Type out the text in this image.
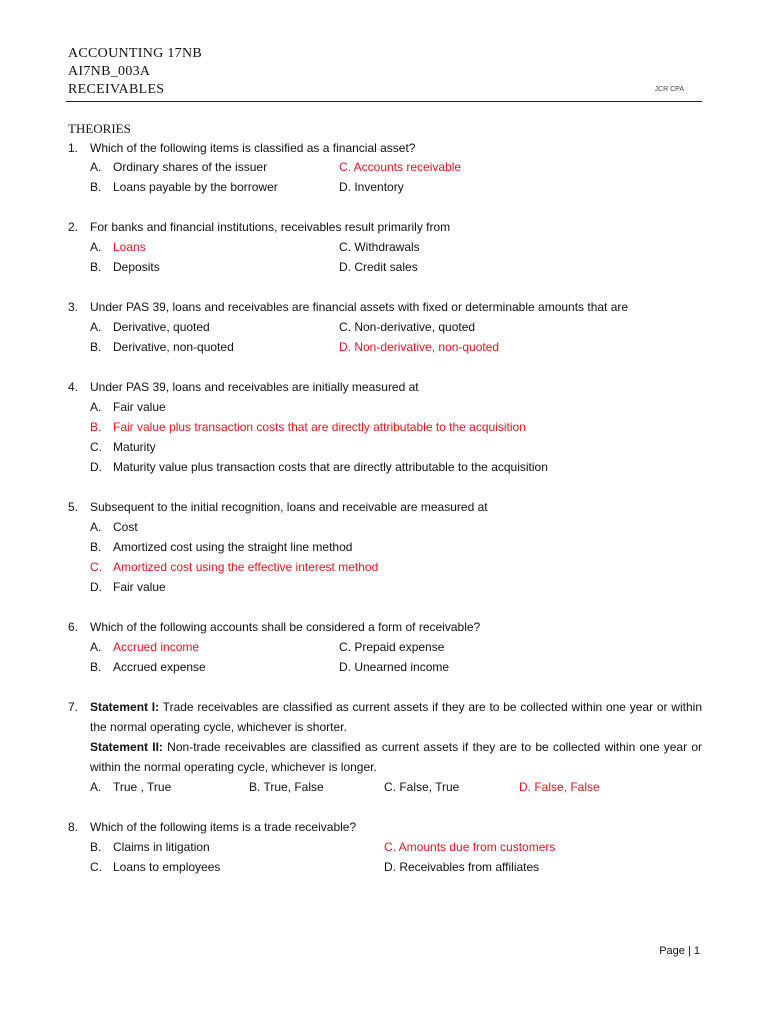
ACCOUNTING 17NB
AI7NB_003A
RECEIVABLES	JCR CPA
THEORIES
1. Which of the following items is classified as a financial asset?
A. Ordinary shares of the issuer
B. Loans payable by the borrower
C. Accounts receivable
D. Inventory
2. For banks and financial institutions, receivables result primarily from
A. Loans
B. Deposits
C. Withdrawals
D. Credit sales
3. Under PAS 39, loans and receivables are financial assets with fixed or determinable amounts that are
A. Derivative, quoted
B. Derivative, non-quoted
C. Non-derivative, quoted
D. Non-derivative, non-quoted
4. Under PAS 39, loans and receivables are initially measured at
A. Fair value
B. Fair value plus transaction costs that are directly attributable to the acquisition
C. Maturity
D. Maturity value plus transaction costs that are directly attributable to the acquisition
5. Subsequent to the initial recognition, loans and receivable are measured at
A. Cost
B. Amortized cost using the straight line method
C. Amortized cost using the effective interest method
D. Fair value
6. Which of the following accounts shall be considered a form of receivable?
A. Accrued income
B. Accrued expense
C. Prepaid expense
D. Unearned income
7. Statement I: Trade receivables are classified as current assets if they are to be collected within one year or within the normal operating cycle, whichever is shorter.
Statement II: Non-trade receivables are classified as current assets if they are to be collected within one year or within the normal operating cycle, whichever is longer.
A. True , True	B. True, False	C. False, True	D. False, False
8. Which of the following items is a trade receivable?
B. Claims in litigation
C. Loans to employees
C. Amounts due from customers
D. Receivables from affiliates
Page | 1
